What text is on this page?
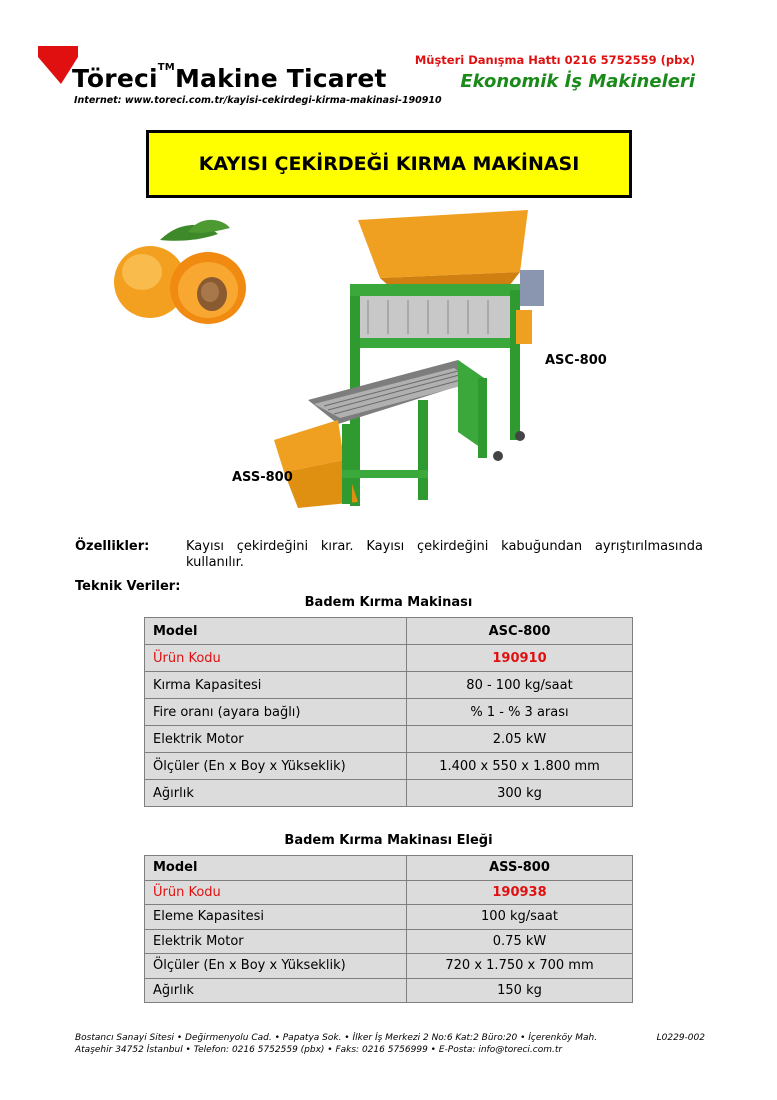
Töreci™Makine Ticaret
Internet: www.toreci.com.tr/kayisi-cekirdegi-kirma-makinasi-190910
Müşteri Danışma Hattı 0216 5752559 (pbx)
Ekonomik İş Makineleri
KAYISI ÇEKİRDEĞİ KIRMA MAKİNASI
ASC-800
ASS-800
Özellikler:	Kayısı çekirdeğini kırar. Kayısı çekirdeğini kabuğundan ayrıştırılmasında kullanılır.
Teknik Veriler:
Badem Kırma Makinası
Model	ASC-800
Ürün Kodu	190910
Kırma Kapasitesi	80 - 100 kg/saat
Fire oranı (ayara bağlı)	% 1 - % 3 arası
Elektrik Motor	2.05 kW
Ölçüler (En x Boy x Yükseklik)	1.400 x 550 x 1.800 mm
Ağırlık	300 kg
Badem Kırma Makinası Eleği
Model	ASS-800
Ürün Kodu	190938
Eleme Kapasitesi	100 kg/saat
Elektrik Motor	0.75 kW
Ölçüler (En x Boy x Yükseklik)	720 x 1.750 x 700 mm
Ağırlık	150 kg
Bostancı Sanayi Sitesi • Değirmenyolu Cad. • Papatya Sok. • İlker İş Merkezi 2 No:6 Kat:2 Büro:20 • İçerenköy Mah.
Ataşehir 34752 İstanbul • Telefon: 0216 5752559 (pbx) • Faks: 0216 5756999 • E-Posta: info@toreci.com.tr
L0229-002
